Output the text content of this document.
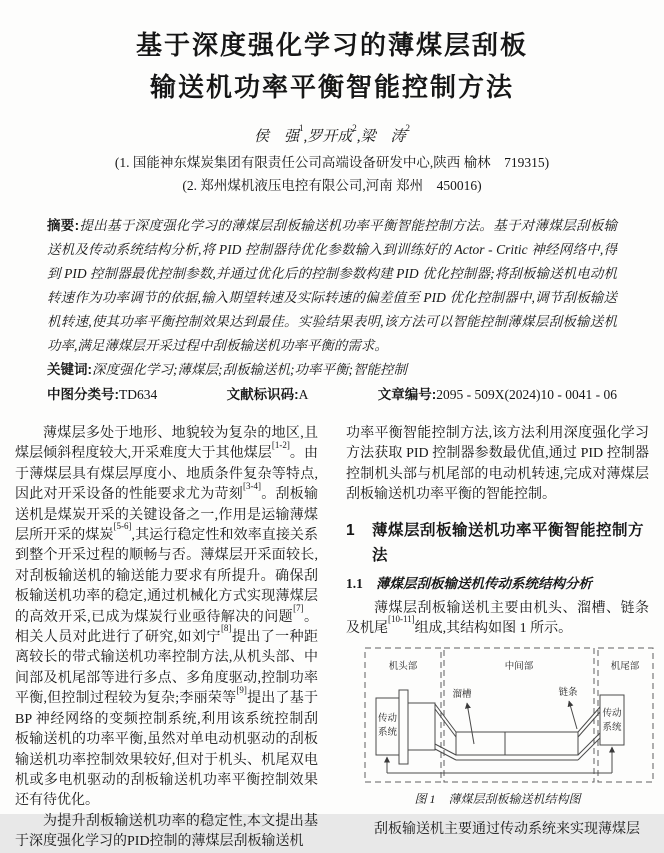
基于深度强化学习的薄煤层刮板
输送机功率平衡智能控制方法
侯　强$^1$,罗开成$^2$,梁　涛$^2$
(1. 国能神东煤炭集团有限责任公司高端设备研发中心,陕西 榆林　719315)
(2. 郑州煤机液压电控有限公司,河南 郑州　450016)

摘要:提出基于深度强化学习的薄煤层刮板输送机功率平衡智能控制方法。基于对薄煤层刮板输送机及传动系统结构分析,将 PID 控制器待优化参数输入到训练好的 Actor - Critic 神经网络中,得到 PID 控制器最优控制参数,并通过优化后的控制参数构建 PID 优化控制器;将刮板输送机电动机转速作为功率调节的依据,输入期望转速及实际转速的偏差值至 PID 优化控制器中,调节刮板输送机转速,使其功率平衡控制效果达到最佳。实验结果表明,该方法可以智能控制薄煤层刮板输送机功率,满足薄煤层开采过程中刮板输送机功率平衡的需求。

关键词:深度强化学习;薄煤层;刮板输送机;功率平衡;智能控制

中图分类号:TD634	文献标识码:A	文章编号:2095 - 509X(2024)10 - 0041 - 06

薄煤层多处于地形、地貌较为复杂的地区,且煤层倾斜程度较大,开采难度大于其他煤层[1-2]。由于薄煤层具有煤层厚度小、地质条件复杂等特点,因此对开采设备的性能要求尤为苛刻[3-4]。刮板输送机是煤炭开采的关键设备之一,作用是运输薄煤层所开采的煤炭[5-6],其运行稳定性和效率直接关系到整个开采过程的顺畅与否。薄煤层开采面较长,对刮板输送机的输送能力要求有所提升。确保刮板输送机功率的稳定,通过机械化方式实现薄煤层的高效开采,已成为煤炭行业亟待解决的问题[7]。相关人员对此进行了研究,如刘宁[8]提出了一种距离较长的带式输送机功率控制方法,从机头部、中间部及机尾部等进行多点、多角度驱动,控制功率平衡,但控制过程较为复杂;李丽荣等[9]提出了基于 BP 神经网络的变频控制系统,利用该系统控制刮板输送机的功率平衡,虽然对单电动机驱动的刮板输送机功率控制效果较好,但对于机头、机尾双电机或多电机驱动的刮板输送机功率平衡控制效果还有待优化。

为提升刮板输送机功率的稳定性,本文提出基于深度强化学习的PID控制的薄煤层刮板输送机

功率平衡智能控制方法,该方法利用深度强化学习方法获取 PID 控制器参数最优值,通过 PID 控制器控制机头部与机尾部的电动机转速,完成对薄煤层刮板输送机功率平衡的智能控制。

1	薄煤层刮板输送机功率平衡智能控制方法
1.1 薄煤层刮板输送机传动系统结构分析

薄煤层刮板输送机主要由机头、溜槽、链条及机尾[10-11]组成,其结构如图 1 所示。

机头部	中间部	机尾部
传动
系统
传动
系统
溜槽	链条
图 1 薄煤层刮板输送机结构图

刮板输送机主要通过传动系统来实现薄煤层
